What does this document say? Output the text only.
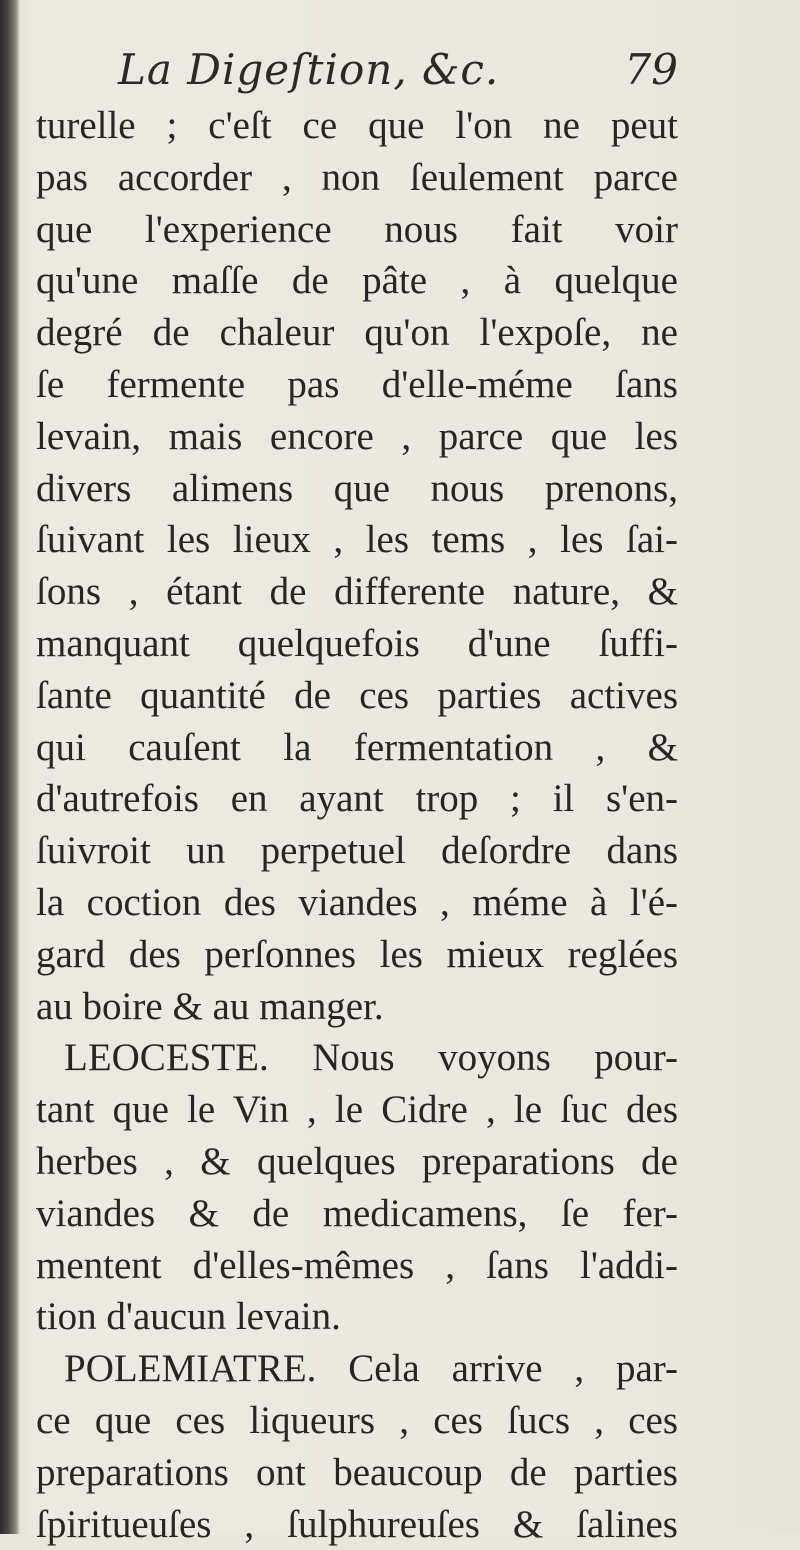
La Digeſtion, &c.	79
turelle ; c'eſt ce que l'on ne peut
pas accorder , non ſeulement parce
que l'experience nous fait voir
qu'une maſſe de pâte , à quelque
degré de chaleur qu'on l'expoſe, ne
ſe fermente pas d'elle-méme ſans
levain, mais encore , parce que les
divers alimens que nous prenons,
ſuivant les lieux , les tems , les ſai-
ſons , étant de differente nature, &
manquant quelquefois d'une ſuffi-
ſante quantité de ces parties actives
qui cauſent la fermentation , &
d'autrefois en ayant trop ; il s'en-
ſuivroit un perpetuel deſordre dans
la coction des viandes , méme à l'é-
gard des perſonnes les mieux reglées
au boire & au manger.
LEOCESTE. Nous voyons pour-
tant que le Vin , le Cidre , le ſuc des
herbes , & quelques preparations de
viandes & de medicamens, ſe fer-
mentent d'elles-mêmes , ſans l'addi-
tion d'aucun levain.
POLEMIATRE. Cela arrive , par-
ce que ces liqueurs , ces ſucs , ces
preparations ont beaucoup de parties
ſpiritueuſes , ſulphureuſes & ſalines
